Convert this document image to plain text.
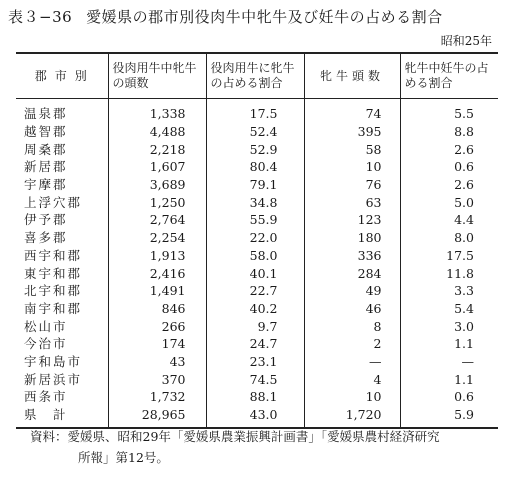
表３−36 愛媛県の郡市別役肉牛中牝牛及び妊牛の占める割合
昭和25年
郡市別	役肉用牛中牝牛の頭数	役肉用牛に牝牛の占める割合	牝牛頭数	牝牛中妊牛の占める割合
温泉郡	1,338	17.5	74	5.5
越智郡	4,488	52.4	395	8.8
周桑郡	2,218	52.9	58	2.6
新居郡	1,607	80.4	10	0.6
宇摩郡	3,689	79.1	76	2.6
上浮穴郡	1,250	34.8	63	5.0
伊予郡	2,764	55.9	123	4.4
喜多郡	2,254	22.0	180	8.0
西宇和郡	1,913	58.0	336	17.5
東宇和郡	2,416	40.1	284	11.8
北宇和郡	1,491	22.7	49	3.3
南宇和郡	846	40.2	46	5.4
松山市	266	9.7	8	3.0
今治市	174	24.7	2	1.1
宇和島市	43	23.1	—	—
新居浜市	370	74.5	4	1.1
西条市	1,732	88.1	10	0.6
県　計	28,965	43.0	1,720	5.9
資料：愛媛県、昭和29年「愛媛県農業振興計画書」「愛媛県農村経済研究
所報」第12号。
